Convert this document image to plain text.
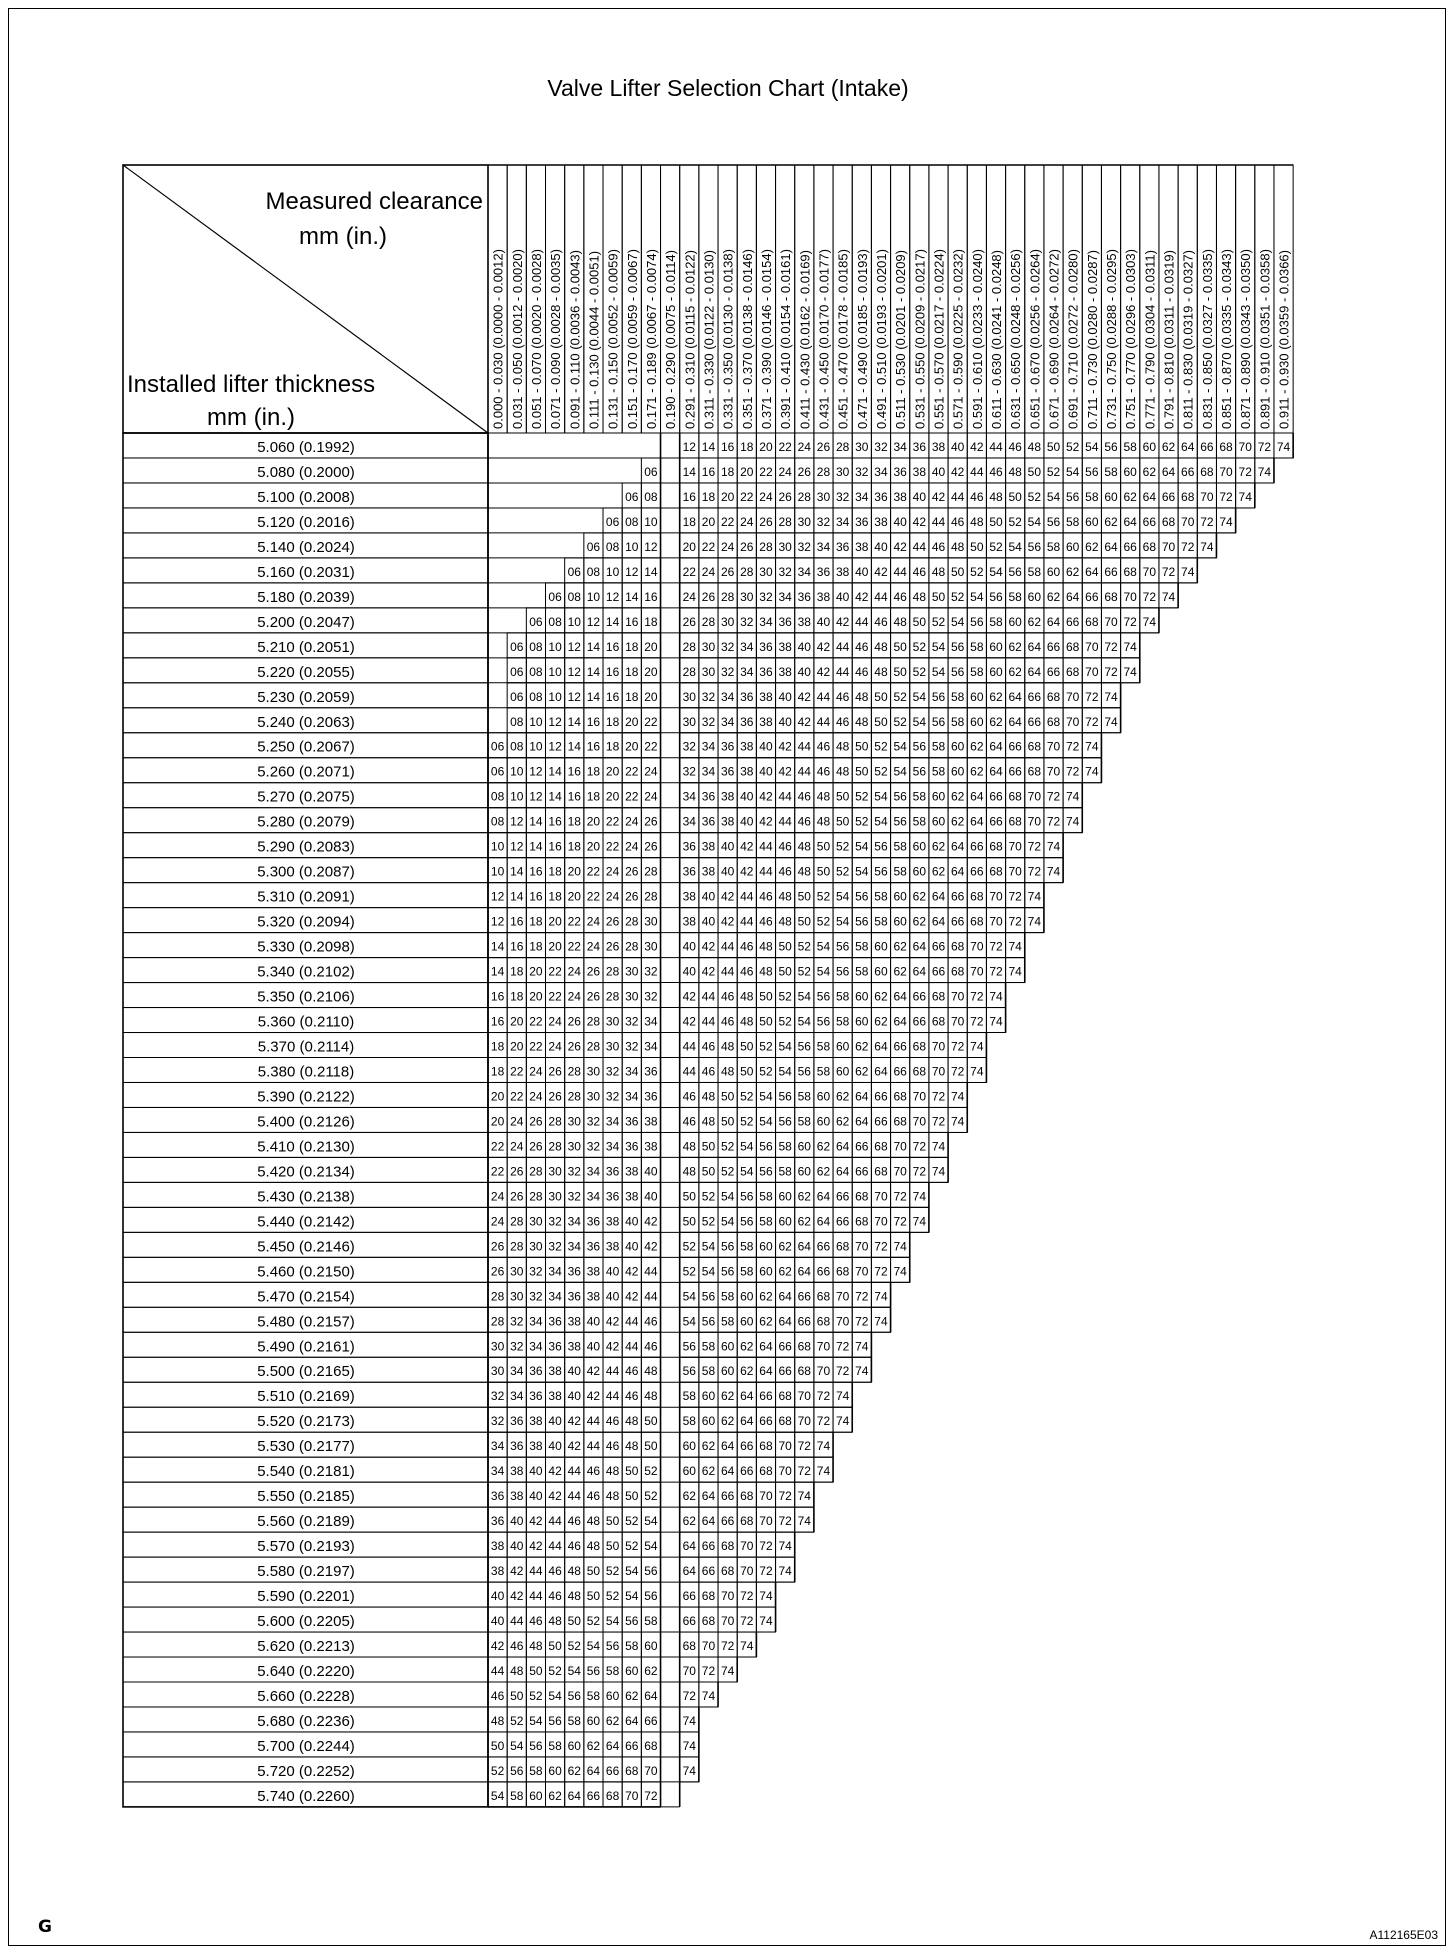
Valve Lifter Selection Chart (Intake)
G	A112165E03
Measured clearance
mm (in.)
Installed lifter thickness
mm (in.)	0.000 - 0.030 (0.0000 - 0.0012) 0.031 - 0.050 (0.0012 - 0.0020) 0.051 - 0.070 (0.0020 - 0.0028) 0.071 - 0.090 (0.0028 - 0.0035) 0.091 - 0.110 (0.0036 - 0.0043) 0.111 - 0.130 (0.0044 - 0.0051) 0.131 - 0.150 (0.0052 - 0.0059) 0.151 - 0.170 (0.0059 - 0.0067) 0.171 - 0.189 (0.0067 - 0.0074) 0.190 - 0.290 (0.0075 - 0.0114) 0.291 - 0.310 (0.0115 - 0.0122) 0.311 - 0.330 (0.0122 - 0.0130) 0.331 - 0.350 (0.0130 - 0.0138) 0.351 - 0.370 (0.0138 - 0.0146) 0.371 - 0.390 (0.0146 - 0.0154) 0.391 - 0.410 (0.0154 - 0.0161) 0.411 - 0.430 (0.0162 - 0.0169) 0.431 - 0.450 (0.0170 - 0.0177) 0.451 - 0.470 (0.0178 - 0.0185) 0.471 - 0.490 (0.0185 - 0.0193) 0.491 - 0.510 (0.0193 - 0.0201) 0.511 - 0.530 (0.0201 - 0.0209) 0.531 - 0.550 (0.0209 - 0.0217) 0.551 - 0.570 (0.0217 - 0.0224) 0.571 - 0.590 (0.0225 - 0.0232) 0.591 - 0.610 (0.0233 - 0.0240) 0.611 - 0.630 (0.0241 - 0.0248) 0.631 - 0.650 (0.0248 - 0.0256) 0.651 - 0.670 (0.0256 - 0.0264) 0.671 - 0.690 (0.0264 - 0.0272) 0.691 - 0.710 (0.0272 - 0.0280) 0.711 - 0.730 (0.0280 - 0.0287) 0.731 - 0.750 (0.0288 - 0.0295) 0.751 - 0.770 (0.0296 - 0.0303) 0.771 - 0.790 (0.0304 - 0.0311) 0.791 - 0.810 (0.0311 - 0.0319) 0.811 - 0.830 (0.0319 - 0.0327) 0.831 - 0.850 (0.0327 - 0.0335) 0.851 - 0.870 (0.0335 - 0.0343) 0.871 - 0.890 (0.0343 - 0.0350) 0.891 - 0.910 (0.0351 - 0.0358) 0.911 - 0.930 (0.0359 - 0.0366)
5.060 (0.1992)
5.080 (0.2000)
5.100 (0.2008)
5.120 (0.2016)
5.140 (0.2024)
5.160 (0.2031)
5.180 (0.2039)
5.200 (0.2047)
5.210 (0.2051)
5.220 (0.2055)
5.230 (0.2059)
5.240 (0.2063)
5.250 (0.2067)
5.260 (0.2071)
5.270 (0.2075)
5.280 (0.2079)
5.290 (0.2083)
5.300 (0.2087)
5.310 (0.2091)
5.320 (0.2094)
5.330 (0.2098)
5.340 (0.2102)
5.350 (0.2106)
5.360 (0.2110)
5.370 (0.2114)
5.380 (0.2118)
5.390 (0.2122)
5.400 (0.2126)
5.410 (0.2130)
5.420 (0.2134)
5.430 (0.2138)
5.440 (0.2142)
5.450 (0.2146)
5.460 (0.2150)
5.470 (0.2154)
5.480 (0.2157)
5.490 (0.2161)
5.500 (0.2165)
5.510 (0.2169)
5.520 (0.2173)
5.530 (0.2177)
5.540 (0.2181)
5.550 (0.2185)
5.560 (0.2189)
5.570 (0.2193)
5.580 (0.2197)
5.590 (0.2201)
5.600 (0.2205)
5.620 (0.2213)
5.640 (0.2220)
5.660 (0.2228)
5.680 (0.2236)
5.700 (0.2244)
5.720 (0.2252)
5.740 (0.2260)
12 14 16 18 20 22 24 26 28 30 32 34 36 38 40 42 44 46 48 50 52 54 56 58 60 62 64 66 68 70 72 74
06 14 16 18 20 22 24 26 28 30 32 34 36 38 40 42 44 46 48 50 52 54 56 58 60 62 64 66 68 70 72 74
06 08 16 18 20 22 24 26 28 30 32 34 36 38 40 42 44 46 48 50 52 54 56 58 60 62 64 66 68 70 72 74
06 08 10 18 20 22 24 26 28 30 32 34 36 38 40 42 44 46 48 50 52 54 56 58 60 62 64 66 68 70 72 74
06 08 10 12 20 22 24 26 28 30 32 34 36 38 40 42 44 46 48 50 52 54 56 58 60 62 64 66 68 70 72 74
06 08 10 12 14 22 24 26 28 30 32 34 36 38 40 42 44 46 48 50 52 54 56 58 60 62 64 66 68 70 72 74
06 08 10 12 14 16 24 26 28 30 32 34 36 38 40 42 44 46 48 50 52 54 56 58 60 62 64 66 68 70 72 74
06 08 10 12 14 16 18 26 28 30 32 34 36 38 40 42 44 46 48 50 52 54 56 58 60 62 64 66 68 70 72 74
06 08 10 12 14 16 18 20 28 30 32 34 36 38 40 42 44 46 48 50 52 54 56 58 60 62 64 66 68 70 72 74
06 08 10 12 14 16 18 20 28 30 32 34 36 38 40 42 44 46 48 50 52 54 56 58 60 62 64 66 68 70 72 74
06 08 10 12 14 16 18 20 30 32 34 36 38 40 42 44 46 48 50 52 54 56 58 60 62 64 66 68 70 72 74
08 10 12 14 16 18 20 22 30 32 34 36 38 40 42 44 46 48 50 52 54 56 58 60 62 64 66 68 70 72 74
06 08 10 12 14 16 18 20 22 32 34 36 38 40 42 44 46 48 50 52 54 56 58 60 62 64 66 68 70 72 74
06 10 12 14 16 18 20 22 24 32 34 36 38 40 42 44 46 48 50 52 54 56 58 60 62 64 66 68 70 72 74
08 10 12 14 16 18 20 22 24 34 36 38 40 42 44 46 48 50 52 54 56 58 60 62 64 66 68 70 72 74
08 12 14 16 18 20 22 24 26 34 36 38 40 42 44 46 48 50 52 54 56 58 60 62 64 66 68 70 72 74
10 12 14 16 18 20 22 24 26 36 38 40 42 44 46 48 50 52 54 56 58 60 62 64 66 68 70 72 74
10 14 16 18 20 22 24 26 28 36 38 40 42 44 46 48 50 52 54 56 58 60 62 64 66 68 70 72 74
12 14 16 18 20 22 24 26 28 38 40 42 44 46 48 50 52 54 56 58 60 62 64 66 68 70 72 74
12 16 18 20 22 24 26 28 30 38 40 42 44 46 48 50 52 54 56 58 60 62 64 66 68 70 72 74
14 16 18 20 22 24 26 28 30 40 42 44 46 48 50 52 54 56 58 60 62 64 66 68 70 72 74
14 18 20 22 24 26 28 30 32 40 42 44 46 48 50 52 54 56 58 60 62 64 66 68 70 72 74
16 18 20 22 24 26 28 30 32 42 44 46 48 50 52 54 56 58 60 62 64 66 68 70 72 74
16 20 22 24 26 28 30 32 34 42 44 46 48 50 52 54 56 58 60 62 64 66 68 70 72 74
18 20 22 24 26 28 30 32 34 44 46 48 50 52 54 56 58 60 62 64 66 68 70 72 74
18 22 24 26 28 30 32 34 36 44 46 48 50 52 54 56 58 60 62 64 66 68 70 72 74
20 22 24 26 28 30 32 34 36 46 48 50 52 54 56 58 60 62 64 66 68 70 72 74
20 24 26 28 30 32 34 36 38 46 48 50 52 54 56 58 60 62 64 66 68 70 72 74
22 24 26 28 30 32 34 36 38 48 50 52 54 56 58 60 62 64 66 68 70 72 74
22 26 28 30 32 34 36 38 40 48 50 52 54 56 58 60 62 64 66 68 70 72 74
24 26 28 30 32 34 36 38 40 50 52 54 56 58 60 62 64 66 68 70 72 74
24 28 30 32 34 36 38 40 42 50 52 54 56 58 60 62 64 66 68 70 72 74
26 28 30 32 34 36 38 40 42 52 54 56 58 60 62 64 66 68 70 72 74
26 30 32 34 36 38 40 42 44 52 54 56 58 60 62 64 66 68 70 72 74
28 30 32 34 36 38 40 42 44 54 56 58 60 62 64 66 68 70 72 74
28 32 34 36 38 40 42 44 46 54 56 58 60 62 64 66 68 70 72 74
30 32 34 36 38 40 42 44 46 56 58 60 62 64 66 68 70 72 74
30 34 36 38 40 42 44 46 48 56 58 60 62 64 66 68 70 72 74
32 34 36 38 40 42 44 46 48 58 60 62 64 66 68 70 72 74
32 36 38 40 42 44 46 48 50 58 60 62 64 66 68 70 72 74
34 36 38 40 42 44 46 48 50 60 62 64 66 68 70 72 74
34 38 40 42 44 46 48 50 52 60 62 64 66 68 70 72 74
36 38 40 42 44 46 48 50 52 62 64 66 68 70 72 74
36 40 42 44 46 48 50 52 54 62 64 66 68 70 72 74
38 40 42 44 46 48 50 52 54 64 66 68 70 72 74
38 42 44 46 48 50 52 54 56 64 66 68 70 72 74
40 42 44 46 48 50 52 54 56 66 68 70 72 74
40 44 46 48 50 52 54 56 58 66 68 70 72 74
42 46 48 50 52 54 56 58 60 68 70 72 74
44 48 50 52 54 56 58 60 62 70 72 74
46 50 52 54 56 58 60 62 64 72 74
48 52 54 56 58 60 62 64 66 74
50 54 56 58 60 62 64 66 68 74
52 56 58 60 62 64 66 68 70 74
54 58 60 62 64 66 68 70 72
